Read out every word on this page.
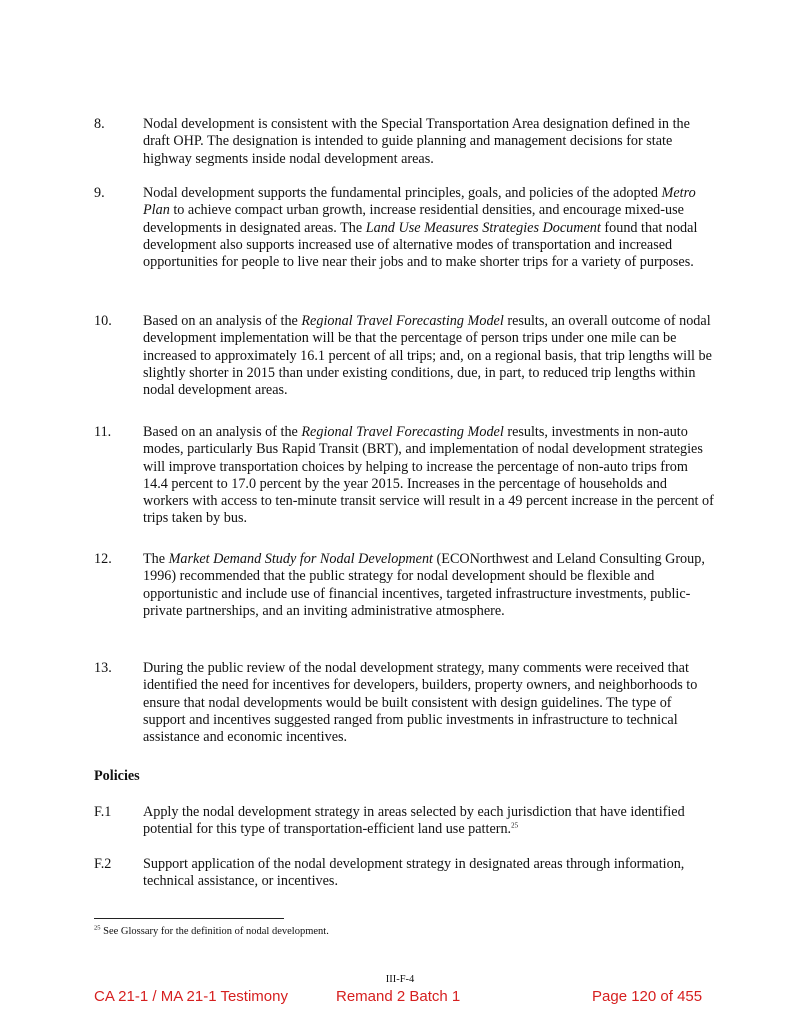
8.	Nodal development is consistent with the Special Transportation Area designation defined in the draft OHP. The designation is intended to guide planning and management decisions for state highway segments inside nodal development areas.
9.	Nodal development supports the fundamental principles, goals, and policies of the adopted Metro Plan to achieve compact urban growth, increase residential densities, and encourage mixed-use developments in designated areas. The Land Use Measures Strategies Document found that nodal development also supports increased use of alternative modes of transportation and increased opportunities for people to live near their jobs and to make shorter trips for a variety of purposes.
10.	Based on an analysis of the Regional Travel Forecasting Model results, an overall outcome of nodal development implementation will be that the percentage of person trips under one mile can be increased to approximately 16.1 percent of all trips; and, on a regional basis, that trip lengths will be slightly shorter in 2015 than under existing conditions, due, in part, to reduced trip lengths within nodal development areas.
11.	Based on an analysis of the Regional Travel Forecasting Model results, investments in non-auto modes, particularly Bus Rapid Transit (BRT), and implementation of nodal development strategies will improve transportation choices by helping to increase the percentage of non-auto trips from 14.4 percent to 17.0 percent by the year 2015. Increases in the percentage of households and workers with access to ten-minute transit service will result in a 49 percent increase in the percent of trips taken by bus.
12.	The Market Demand Study for Nodal Development (ECONorthwest and Leland Consulting Group, 1996) recommended that the public strategy for nodal development should be flexible and opportunistic and include use of financial incentives, targeted infrastructure investments, public-private partnerships, and an inviting administrative atmosphere.
13.	During the public review of the nodal development strategy, many comments were received that identified the need for incentives for developers, builders, property owners, and neighborhoods to ensure that nodal developments would be built consistent with design guidelines. The type of support and incentives suggested ranged from public investments in infrastructure to technical assistance and economic incentives.
Policies
F.1	Apply the nodal development strategy in areas selected by each jurisdiction that have identified potential for this type of transportation-efficient land use pattern.$^{25}$
F.2	Support application of the nodal development strategy in designated areas through information, technical assistance, or incentives.
$^{25}$ See Glossary for the definition of nodal development.
III-F-4
CA 21-1 / MA 21-1 Testimony	Remand 2 Batch 1	Page 120 of 455
